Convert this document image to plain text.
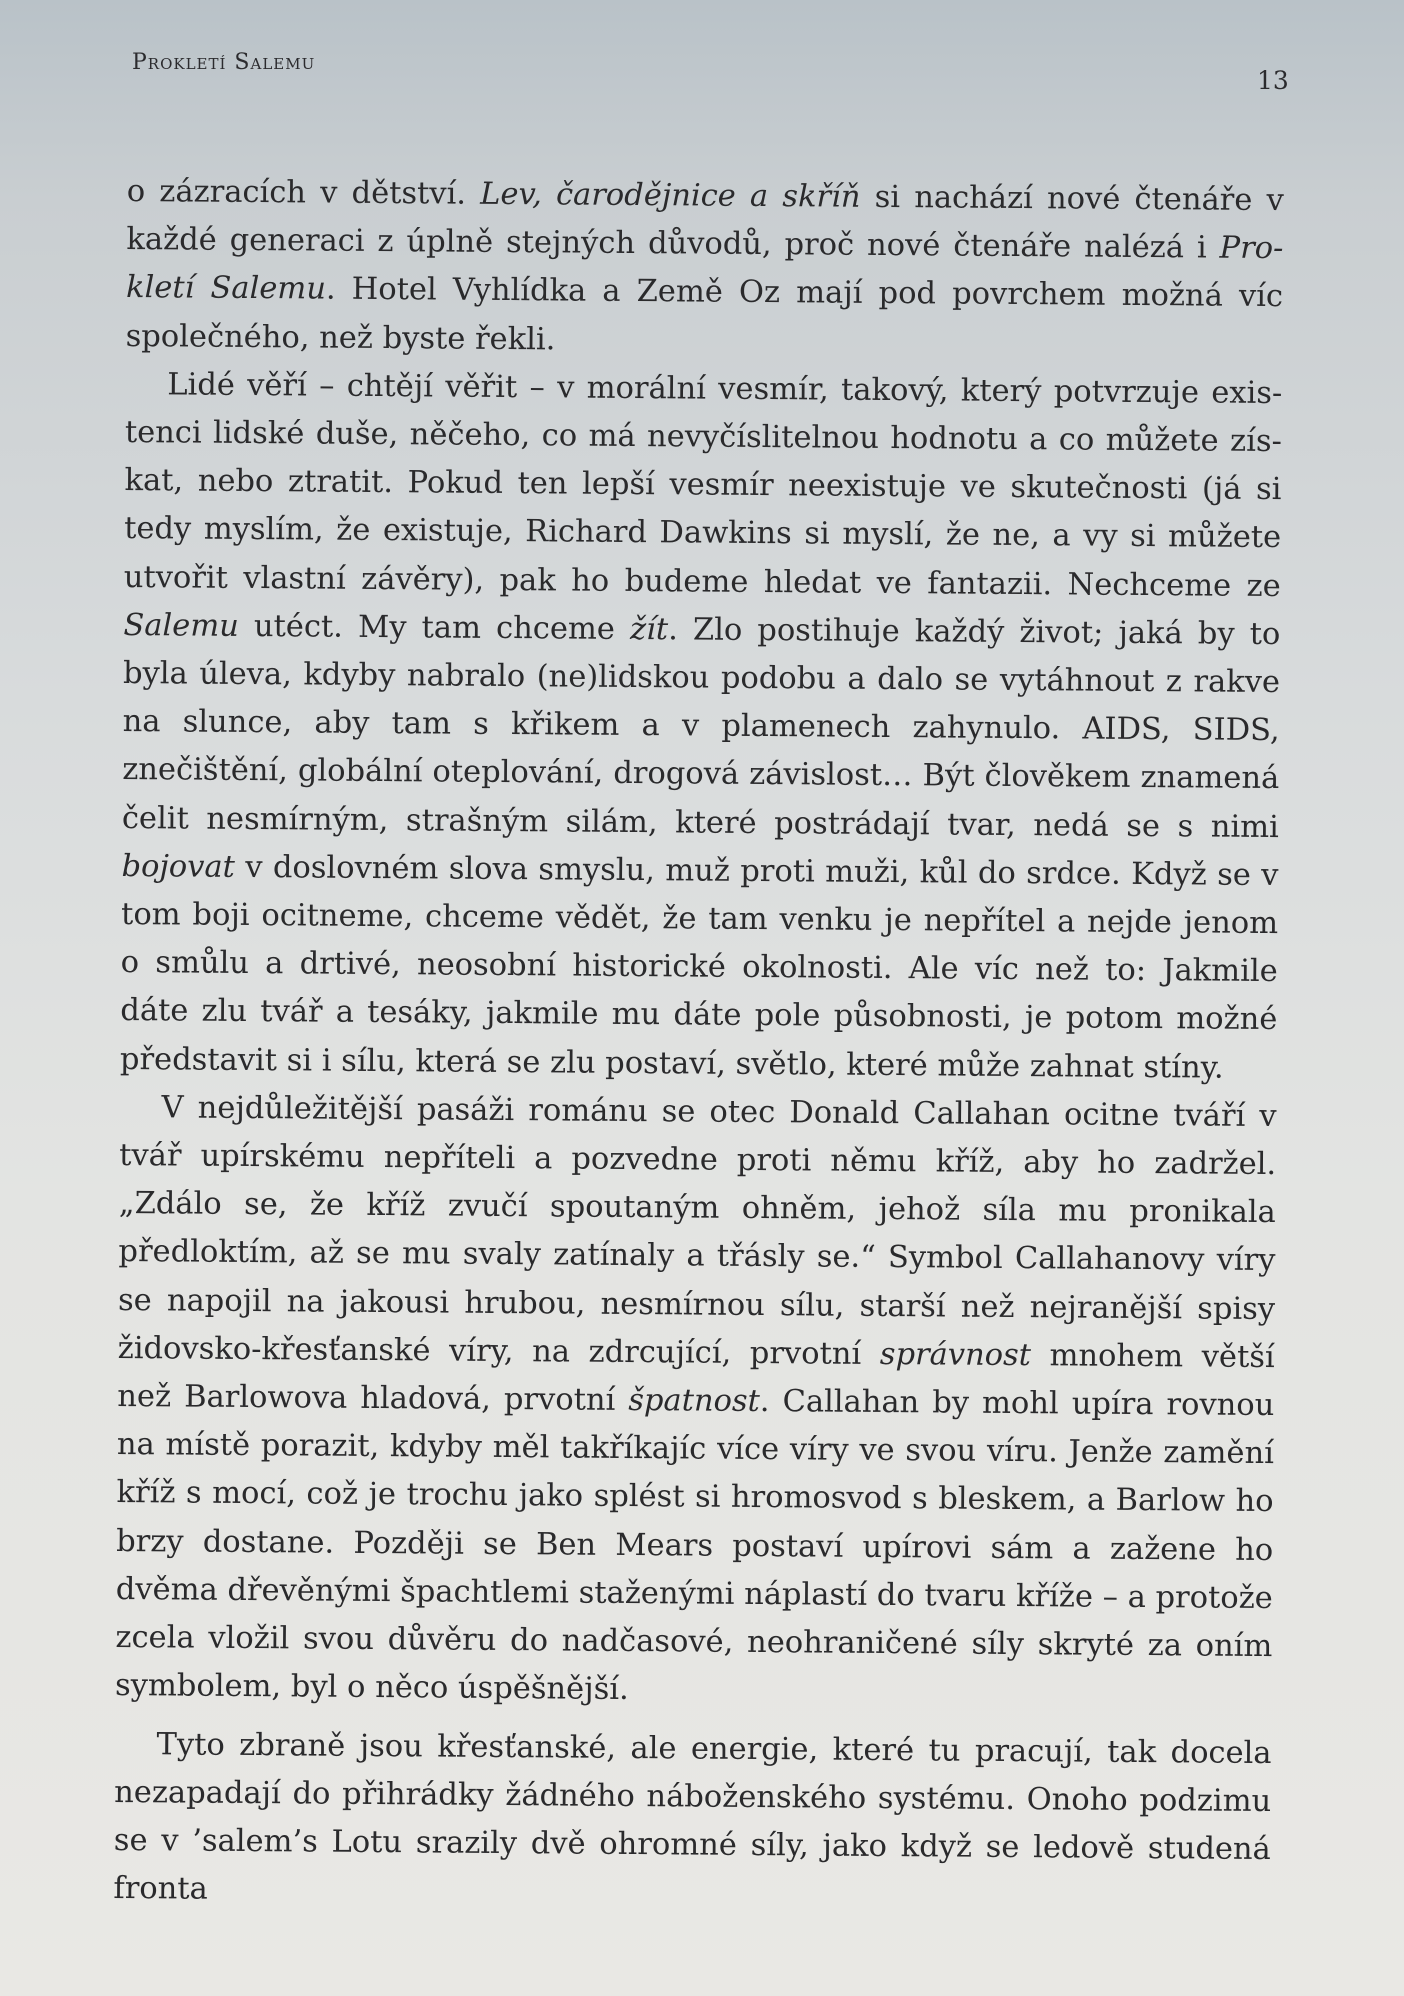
Prokletí Salemu
13

o zázracích v dětství. Lev, čarodějnice a skříň si nachází nové čtenáře v každé generaci z úplně stejných důvodů, proč nové čtenáře nalézá i Prokletí Salemu. Hotel Vyhlídka a Země Oz mají pod povrchem možná víc společného, než byste řekli.

Lidé věří – chtějí věřit – v morální vesmír, takový, který potvrzuje existenci lidské duše, něčeho, co má nevyčíslitelnou hodnotu a co můžete získat, nebo ztratit. Pokud ten lepší vesmír neexistuje ve skutečnosti (já si tedy myslím, že existuje, Richard Dawkins si myslí, že ne, a vy si můžete utvořit vlastní závěry), pak ho budeme hledat ve fantazii. Nechceme ze Salemu utéct. My tam chceme žít. Zlo postihuje každý život; jaká by to byla úleva, kdyby nabralo (ne)lidskou podobu a dalo se vytáhnout z rakve na slunce, aby tam s křikem a v plamenech zahynulo. AIDS, SIDS, znečištění, globální oteplování, drogová závislost… Být člověkem znamená čelit nesmírným, strašným silám, které postrádají tvar, nedá se s nimi bojovat v doslovném slova smyslu, muž proti muži, kůl do srdce. Když se v tom boji ocitneme, chceme vědět, že tam venku je nepřítel a nejde jenom o smůlu a drtivé, neosobní historické okolnosti. Ale víc než to: Jakmile dáte zlu tvář a tesáky, jakmile mu dáte pole působnosti, je potom možné představit si i sílu, která se zlu postaví, světlo, které může zahnat stíny.

V nejdůležitější pasáži románu se otec Donald Callahan ocitne tváří v tvář upírskému nepříteli a pozvedne proti němu kříž, aby ho zadržel. „Zdálo se, že kříž zvučí spoutaným ohněm, jehož síla mu pronikala předloktím, až se mu svaly zatínaly a třásly se.“ Symbol Callahanovy víry se napojil na jakousi hrubou, nesmírnou sílu, starší než nejranější spisy židovsko-křesťanské víry, na zdrcující, prvotní správnost mnohem větší než Barlowova hladová, prvotní špatnost. Callahan by mohl upíra rovnou na místě porazit, kdyby měl takříkajíc více víry ve svou víru. Jenže zamění kříž s mocí, což je trochu jako splést si hromosvod s bleskem, a Barlow ho brzy dostane. Později se Ben Mears postaví upírovi sám a zažene ho dvěma dřevěnými špachtlemi staženými náplastí do tvaru kříže – a protože zcela vložil svou důvěru do nadčasové, neohraničené síly skryté za oním symbolem, byl o něco úspěšnější.

Tyto zbraně jsou křesťanské, ale energie, které tu pracují, tak docela nezapadají do přihrádky žádného náboženského systému. Onoho podzimu se v ’salem’s Lotu srazily dvě ohromné síly, jako když se ledově studená fronta
